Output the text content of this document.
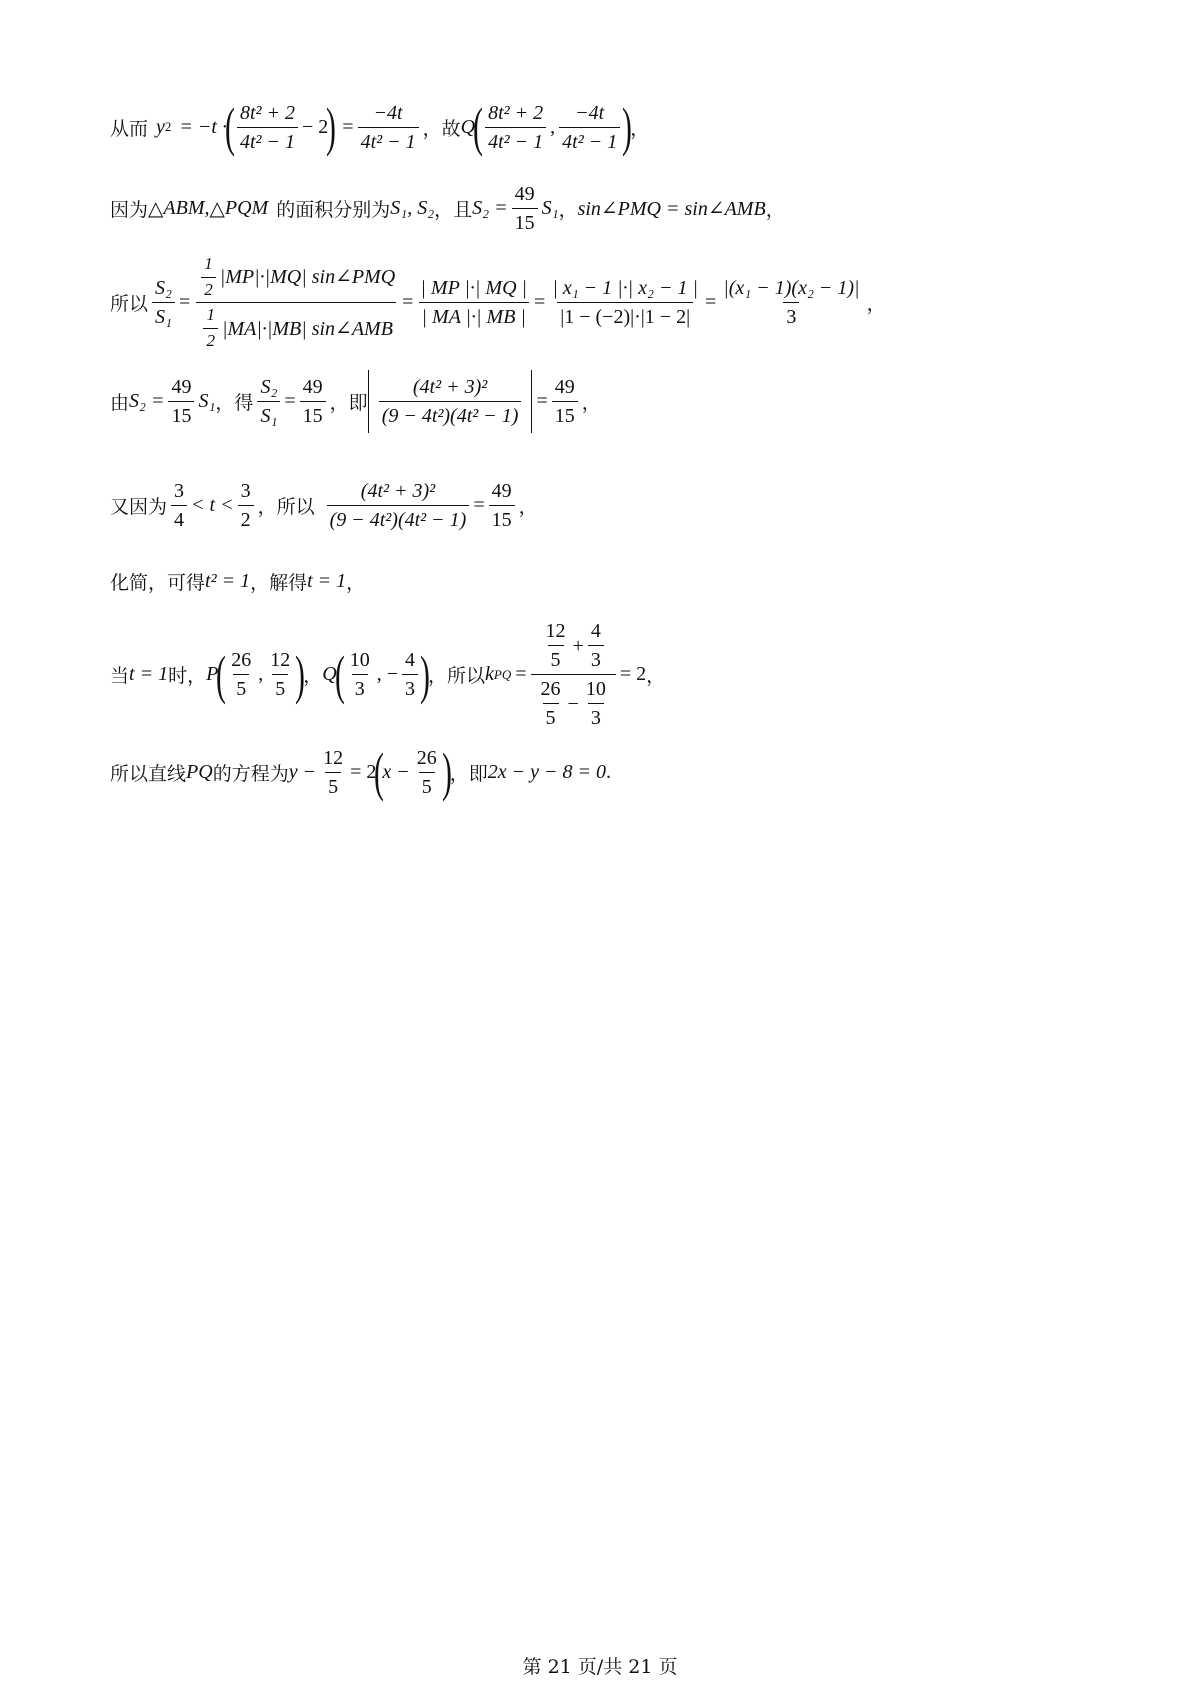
从而 y 2 = −t ·
( $\frac{\text{8t² + 2}}{\text{4t² − 1}} - 2$
) = $\frac{-4t}{\text{4t² − 1}}$ ， 故 Q
( $\frac{\text{8t² + 2}}{\text{4t² − 1}}$ , $\frac{-4t}{\text{4t² − 1}}$ )
，
因为 △ ABM , △ PQM 的面积分别为 S₁, S₂ ，且 $S_2 = \frac{49}{15} S_1$ ， sin∠PMQ = sin∠AMB ，
所以 $\frac{\text{S₂}}{\text{S₁}} = \frac{\frac{1}{2} |MP|\cdot|MQ| \sin\angle PMQ}{\frac{1}{2} |MA|\cdot|MB| \sin\angle AMB} = \frac{| MP |\cdot| MQ |}{| MA |\cdot| MB |} = \frac{\text{| x₁ − 1 |·| x₂ − 1 |}}{|1 - (-2)|\cdot|1 - 2|} = \frac{\text{|(x₁ − 1)(x₂ − 1)|}}{3}$ ，
由 $S_2 = \frac{49}{15} S_1$ ，得 $\frac{\text{S₂}}{\text{S₁}} = \frac{49}{15}$ ，即 $\frac{\text{(4t² + 3)²}}{\text{(9 − 4t²)(4t² − 1)}} = \frac{49}{15}$ ，
又因为 $\frac{3}{4} < t < \frac{3}{2}$ ，所以 $\frac{\text{(4t² + 3)²}}{\text{(9 − 4t²)(4t² − 1)}} = \frac{49}{15}$ ，
化简，可得 t² = 1 ，解得 t = 1 ，
当 t = 1 时， P
( $\frac{26}{5}$ , $\frac{12}{5}$ )
， Q
( $\frac{10}{3}$ , − $\frac{4}{3}$ )
，所以 k PQ = $\frac{\frac{12}{5} + \frac{4}{3}}{\frac{26}{5} - \frac{10}{3}} = 2$ ，
所以直线 PQ 的方程为 $y - \frac{12}{5} = 2$
(
$x - \frac{26}{5}$ )
，即 2x − y − 8 = 0 .
第 21 页/共 21 页
